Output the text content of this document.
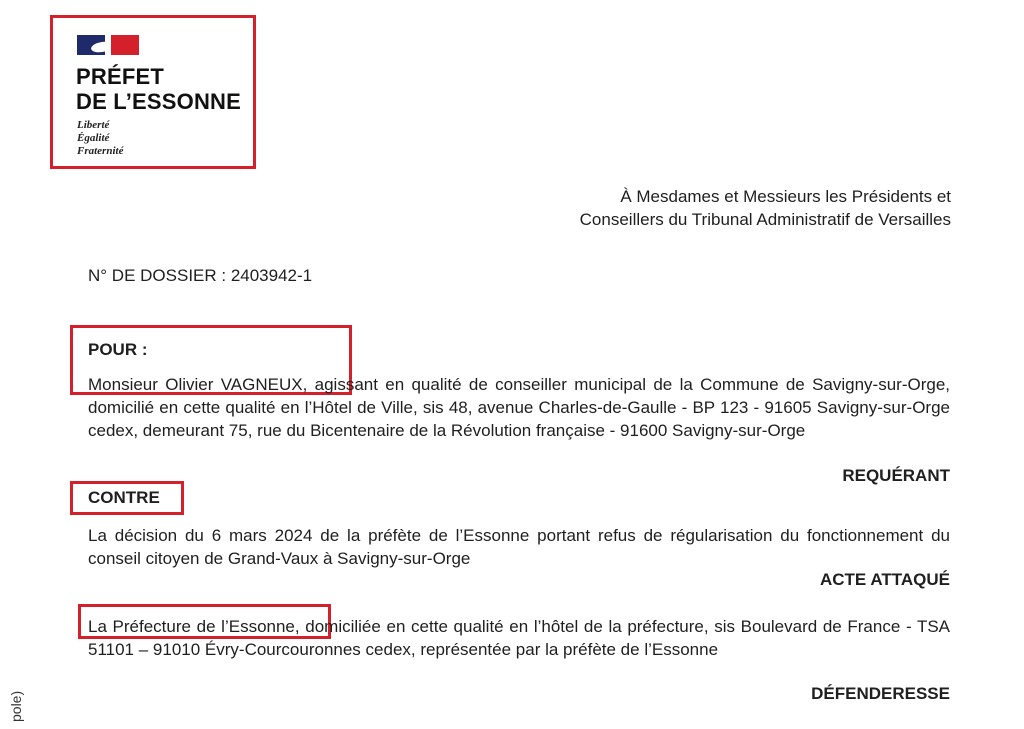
PRÉFET
DE L’ESSONNE
Liberté
Égalité
Fraternité
À Mesdames et Messieurs les Présidents et
Conseillers du Tribunal Administratif de Versailles
N° DE DOSSIER : 2403942-1
POUR :
Monsieur Olivier VAGNEUX, agissant en qualité de conseiller municipal de la Commune de Savigny-sur-Orge, domicilié en cette qualité en l’Hôtel de Ville, sis 48, avenue Charles-de-Gaulle - BP 123 - 91605 Savigny-sur-Orge cedex, demeurant 75, rue du Bicentenaire de la Révolution française - 91600 Savigny-sur-Orge
REQUÉRANT
CONTRE
La décision du 6 mars 2024 de la préfète de l’Essonne portant refus de régularisation du fonctionnement du conseil citoyen de Grand-Vaux à Savigny-sur-Orge
ACTE ATTAQUÉ
La Préfecture de l’Essonne, domiciliée en cette qualité en l’hôtel de la préfecture, sis Boulevard de France - TSA 51101 – 91010 Évry-Courcouronnes cedex, représentée par la préfète de l’Essonne
DÉFENDERESSE
pole)
